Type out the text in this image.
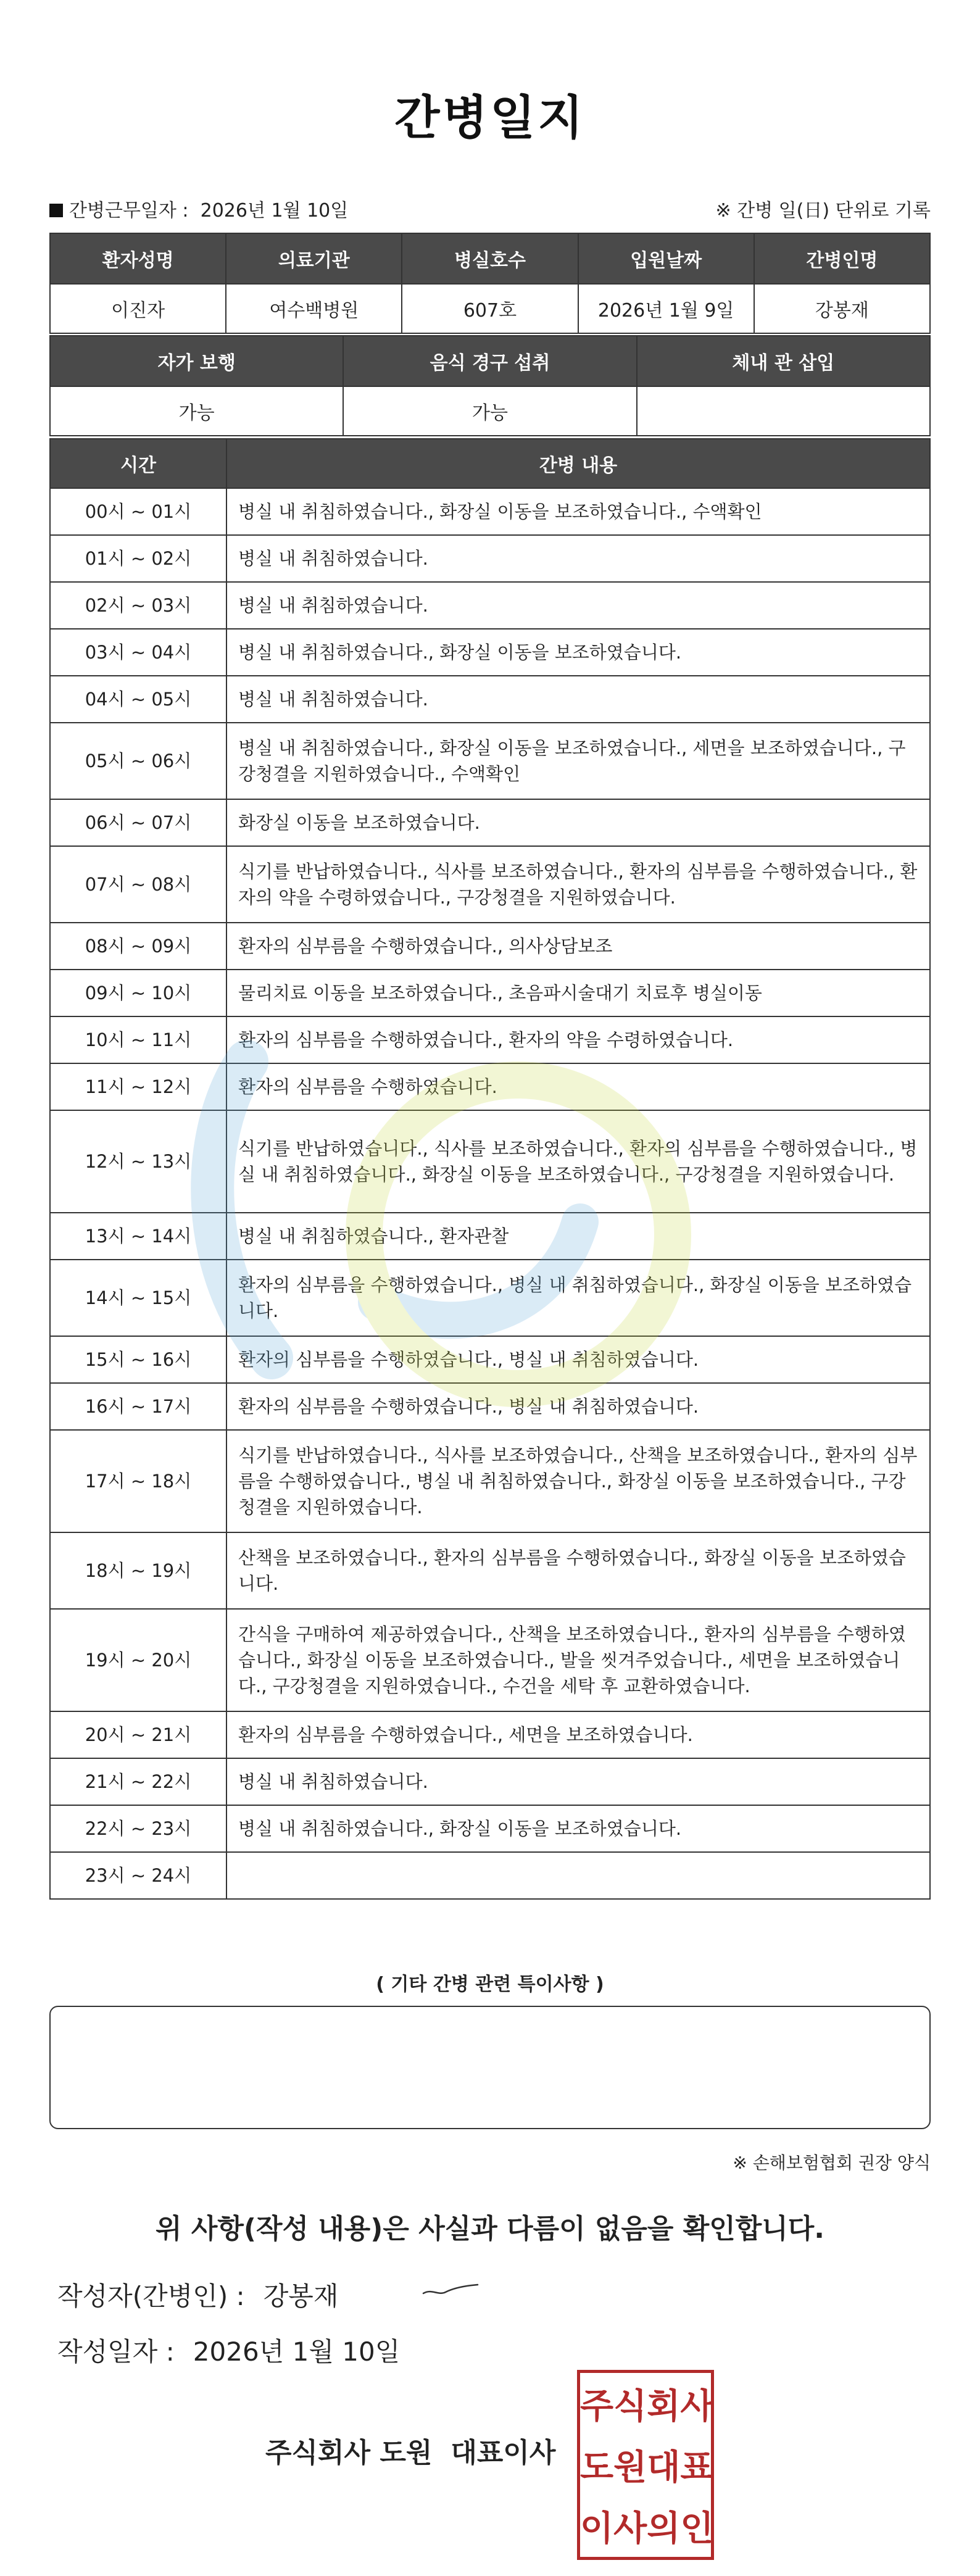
간병일지
간병근무일자 : 2026년 1월 10일	※ 간병 일(日) 단위로 기록
환자성명	의료기관	병실호수	입원날짜	간병인명
이진자	여수백병원	607호	2026년 1월 9일	강봉재
자가 보행	음식 경구 섭취	체내 관 삽입
가능	가능	
시간	간병 내용
00시 ~ 01시	병실 내 취침하였습니다., 화장실 이동을 보조하였습니다., 수액확인
01시 ~ 02시	병실 내 취침하였습니다.
02시 ~ 03시	병실 내 취침하였습니다.
03시 ~ 04시	병실 내 취침하였습니다., 화장실 이동을 보조하였습니다.
04시 ~ 05시	병실 내 취침하였습니다.
05시 ~ 06시	병실 내 취침하였습니다., 화장실 이동을 보조하였습니다., 세면을 보조하였습니다., 구강청결을 지원하였습니다., 수액확인
06시 ~ 07시	화장실 이동을 보조하였습니다.
07시 ~ 08시	식기를 반납하였습니다., 식사를 보조하였습니다., 환자의 심부름을 수행하였습니다., 환자의 약을 수령하였습니다., 구강청결을 지원하였습니다.
08시 ~ 09시	환자의 심부름을 수행하였습니다., 의사상담보조
09시 ~ 10시	물리치료 이동을 보조하였습니다., 초음파시술대기 치료후 병실이동
10시 ~ 11시	환자의 심부름을 수행하였습니다., 환자의 약을 수령하였습니다.
11시 ~ 12시	환자의 심부름을 수행하였습니다.
12시 ~ 13시	식기를 반납하였습니다., 식사를 보조하였습니다., 환자의 심부름을 수행하였습니다., 병실 내 취침하였습니다., 화장실 이동을 보조하였습니다., 구강청결을 지원하였습니다.
13시 ~ 14시	병실 내 취침하였습니다., 환자관찰
14시 ~ 15시	환자의 심부름을 수행하였습니다., 병실 내 취침하였습니다., 화장실 이동을 보조하였습니다.
15시 ~ 16시	환자의 심부름을 수행하였습니다., 병실 내 취침하였습니다.
16시 ~ 17시	환자의 심부름을 수행하였습니다., 병실 내 취침하였습니다.
17시 ~ 18시	식기를 반납하였습니다., 식사를 보조하였습니다., 산책을 보조하였습니다., 환자의 심부름을 수행하였습니다., 병실 내 취침하였습니다., 화장실 이동을 보조하였습니다., 구강청결을 지원하였습니다.
18시 ~ 19시	산책을 보조하였습니다., 환자의 심부름을 수행하였습니다., 화장실 이동을 보조하였습니다.
19시 ~ 20시	간식을 구매하여 제공하였습니다., 산책을 보조하였습니다., 환자의 심부름을 수행하였습니다., 화장실 이동을 보조하였습니다., 발을 씻겨주었습니다., 세면을 보조하였습니다., 구강청결을 지원하였습니다., 수건을 세탁 후 교환하였습니다.
20시 ~ 21시	환자의 심부름을 수행하였습니다., 세면을 보조하였습니다.
21시 ~ 22시	병실 내 취침하였습니다.
22시 ~ 23시	병실 내 취침하였습니다., 화장실 이동을 보조하였습니다.
23시 ~ 24시	
( 기타 간병 관련 특이사항 )
※ 손해보험협회 권장 양식
위 사항(작성 내용)은 사실과 다름이 없음을 확인합니다.
작성자(간병인) : 강봉재
작성일자 : 2026년 1월 10일
주식회사 도원 대표이사
주 식 회 사
도 원 대 표
이 사 의 인
